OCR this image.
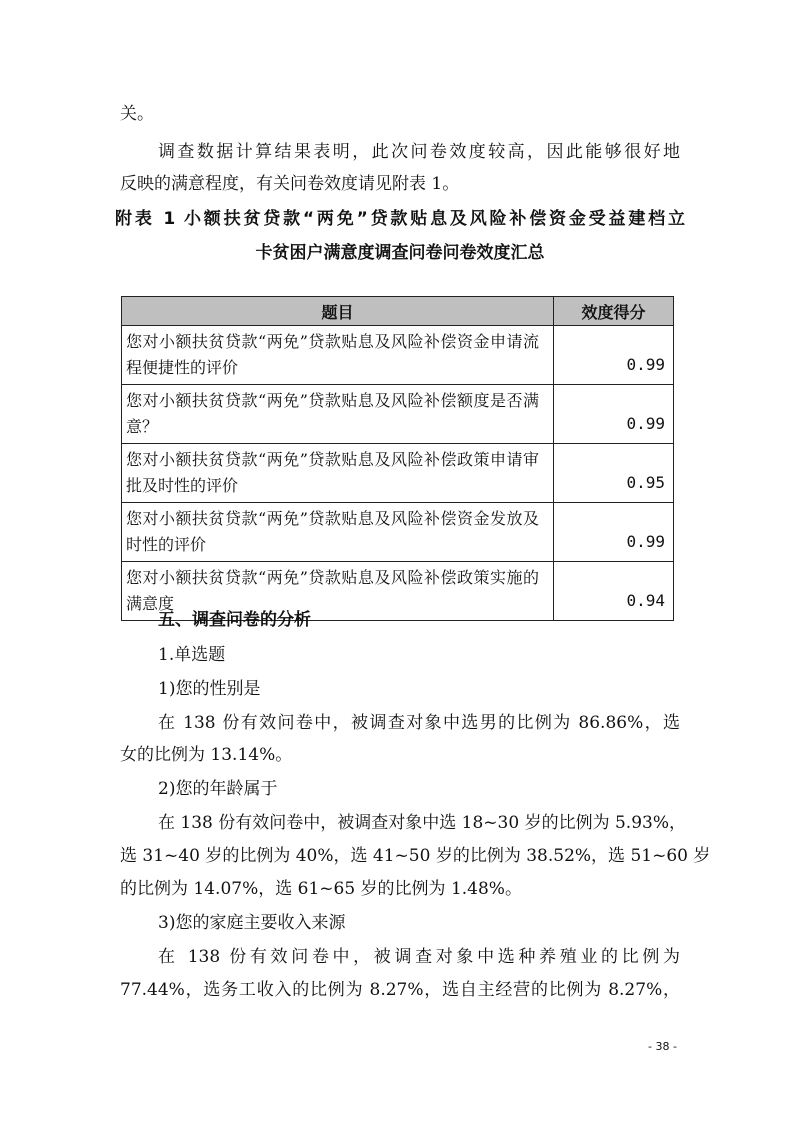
关。
调查数据计算结果表明，此次问卷效度较高，因此能够很好地
反映的满意程度，有关问卷效度请见附表 1。
附表 1 小额扶贫贷款“两免”贷款贴息及风险补偿资金受益建档立
卡贫困户满意度调查问卷问卷效度汇总
题目	效度得分
您对小额扶贫贷款“两免”贷款贴息及风险补偿资金申请流程便捷性的评价	0.99
您对小额扶贫贷款“两免”贷款贴息及风险补偿额度是否满意？	0.99
您对小额扶贫贷款“两免”贷款贴息及风险补偿政策申请审批及时性的评价	0.95
您对小额扶贫贷款“两免”贷款贴息及风险补偿资金发放及时性的评价	0.99
您对小额扶贫贷款“两免”贷款贴息及风险补偿政策实施的满意度	0.94
五、调查问卷的分析
1.单选题
1)您的性别是
在 138 份有效问卷中，被调查对象中选男的比例为 86.86%，选
女的比例为 13.14%。
2)您的年龄属于
在 138 份有效问卷中，被调查对象中选 18~30 岁的比例为 5.93%，
选 31~40 岁的比例为 40%，选 41~50 岁的比例为 38.52%，选 51~60 岁
的比例为 14.07%，选 61~65 岁的比例为 1.48%。
3)您的家庭主要收入来源
在 138 份有效问卷中，被调查对象中选种养殖业的比例为
77.44%，选务工收入的比例为 8.27%，选自主经营的比例为 8.27%，
- 38 -
